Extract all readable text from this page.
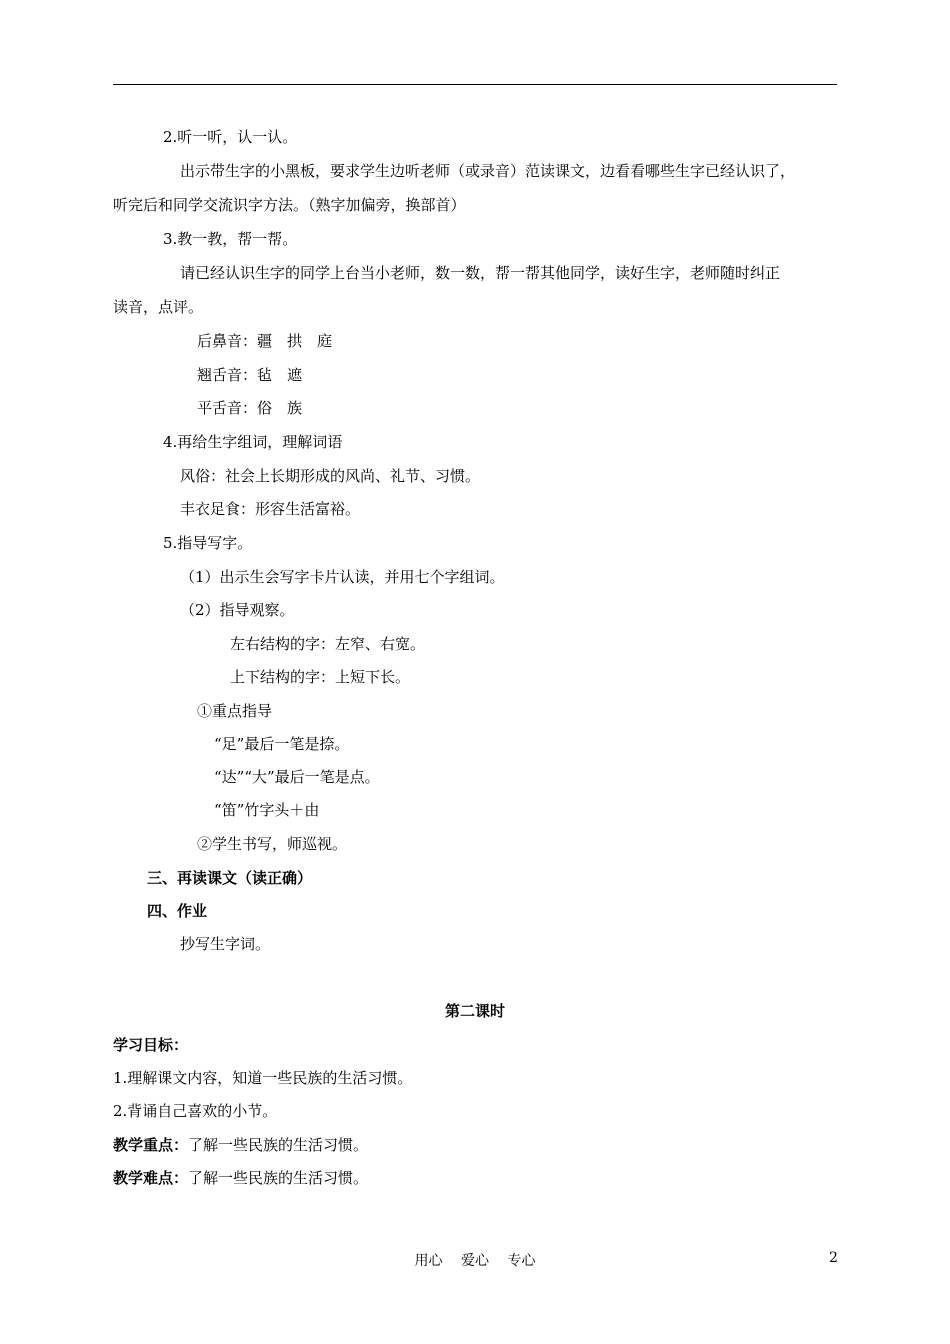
2.听一听，认一认。
出示带生字的小黑板，要求学生边听老师（或录音）范读课文，边看看哪些生字已经认识了，
听完后和同学交流识字方法。（熟字加偏旁，换部首）
3.教一教，帮一帮。
请已经认识生字的同学上台当小老师，数一数，帮一帮其他同学，读好生字，老师随时纠正
读音，点评。
后鼻音：疆　拱　庭
翘舌音：毡　遮
平舌音：俗　族
4.再给生字组词，理解词语
风俗：社会上长期形成的风尚、礼节、习惯。
丰衣足食：形容生活富裕。
5.指导写字。
（1）出示生会写字卡片认读，并用七个字组词。
（2）指导观察。
左右结构的字：左窄、右宽。
上下结构的字：上短下长。
①重点指导
“足”最后一笔是捺。
“达”“大”最后一笔是点。
“笛”竹字头＋由
②学生书写，师巡视。
三、再读课文（读正确）
四、作业
抄写生字词。
第二课时
学习目标：
1.理解课文内容，知道一些民族的生活习惯。
2.背诵自己喜欢的小节。
教学重点：了解一些民族的生活习惯。
教学难点：了解一些民族的生活习惯。
用心　 爱心　 专心	2
